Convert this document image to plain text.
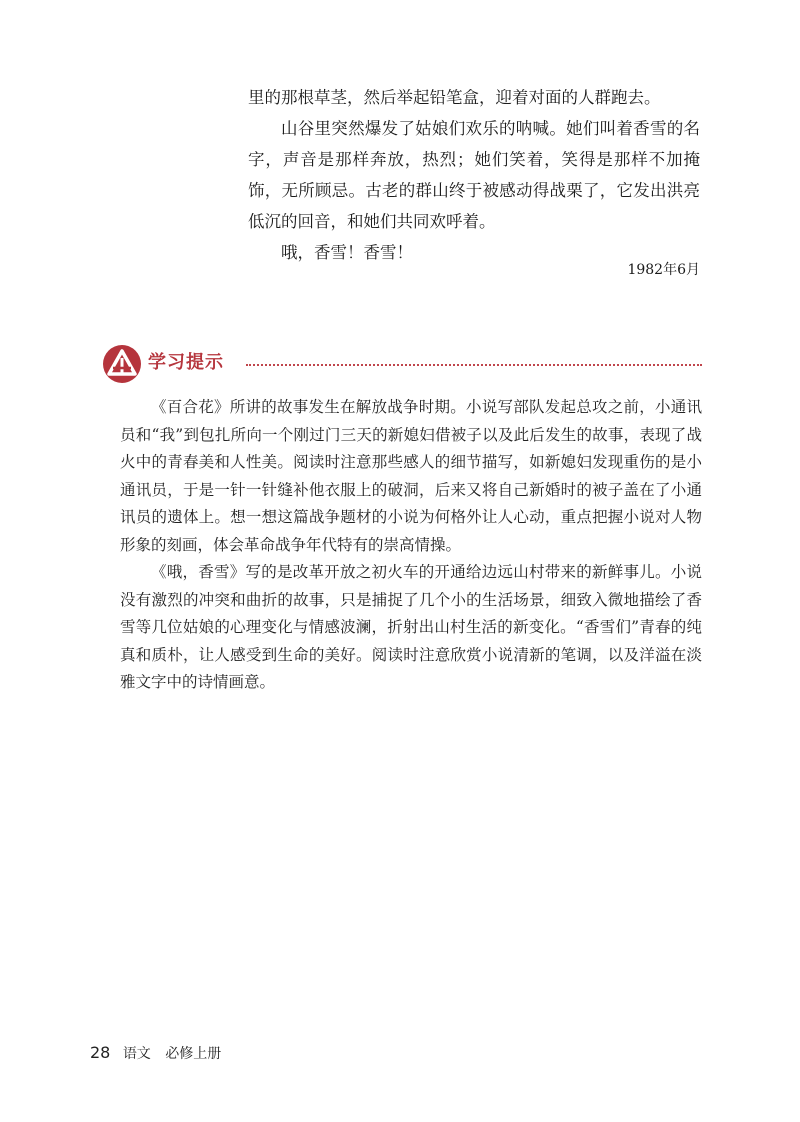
里的那根草茎，然后举起铅笔盒，迎着对面的人群跑去。

山谷里突然爆发了姑娘们欢乐的呐喊。她们叫着香雪的名字，声音是那样奔放，热烈；她们笑着，笑得是那样不加掩饰，无所顾忌。古老的群山终于被感动得战栗了，它发出洪亮低沉的回音，和她们共同欢呼着。

哦，香雪！香雪！

1982年6月
学习提示

《百合花》所讲的故事发生在解放战争时期。小说写部队发起总攻之前，小通讯员和“我”到包扎所向一个刚过门三天的新媳妇借被子以及此后发生的故事，表现了战火中的青春美和人性美。阅读时注意那些感人的细节描写，如新媳妇发现重伤的是小通讯员，于是一针一针缝补他衣服上的破洞，后来又将自己新婚时的被子盖在了小通讯员的遗体上。想一想这篇战争题材的小说为何格外让人心动，重点把握小说对人物形象的刻画，体会革命战争年代特有的崇高情操。

《哦，香雪》写的是改革开放之初火车的开通给边远山村带来的新鲜事儿。小说没有激烈的冲突和曲折的故事，只是捕捉了几个小的生活场景，细致入微地描绘了香雪等几位姑娘的心理变化与情感波澜，折射出山村生活的新变化。“香雪们”青春的纯真和质朴，让人感受到生命的美好。阅读时注意欣赏小说清新的笔调，以及洋溢在淡雅文字中的诗情画意。

28 语文 必修上册
